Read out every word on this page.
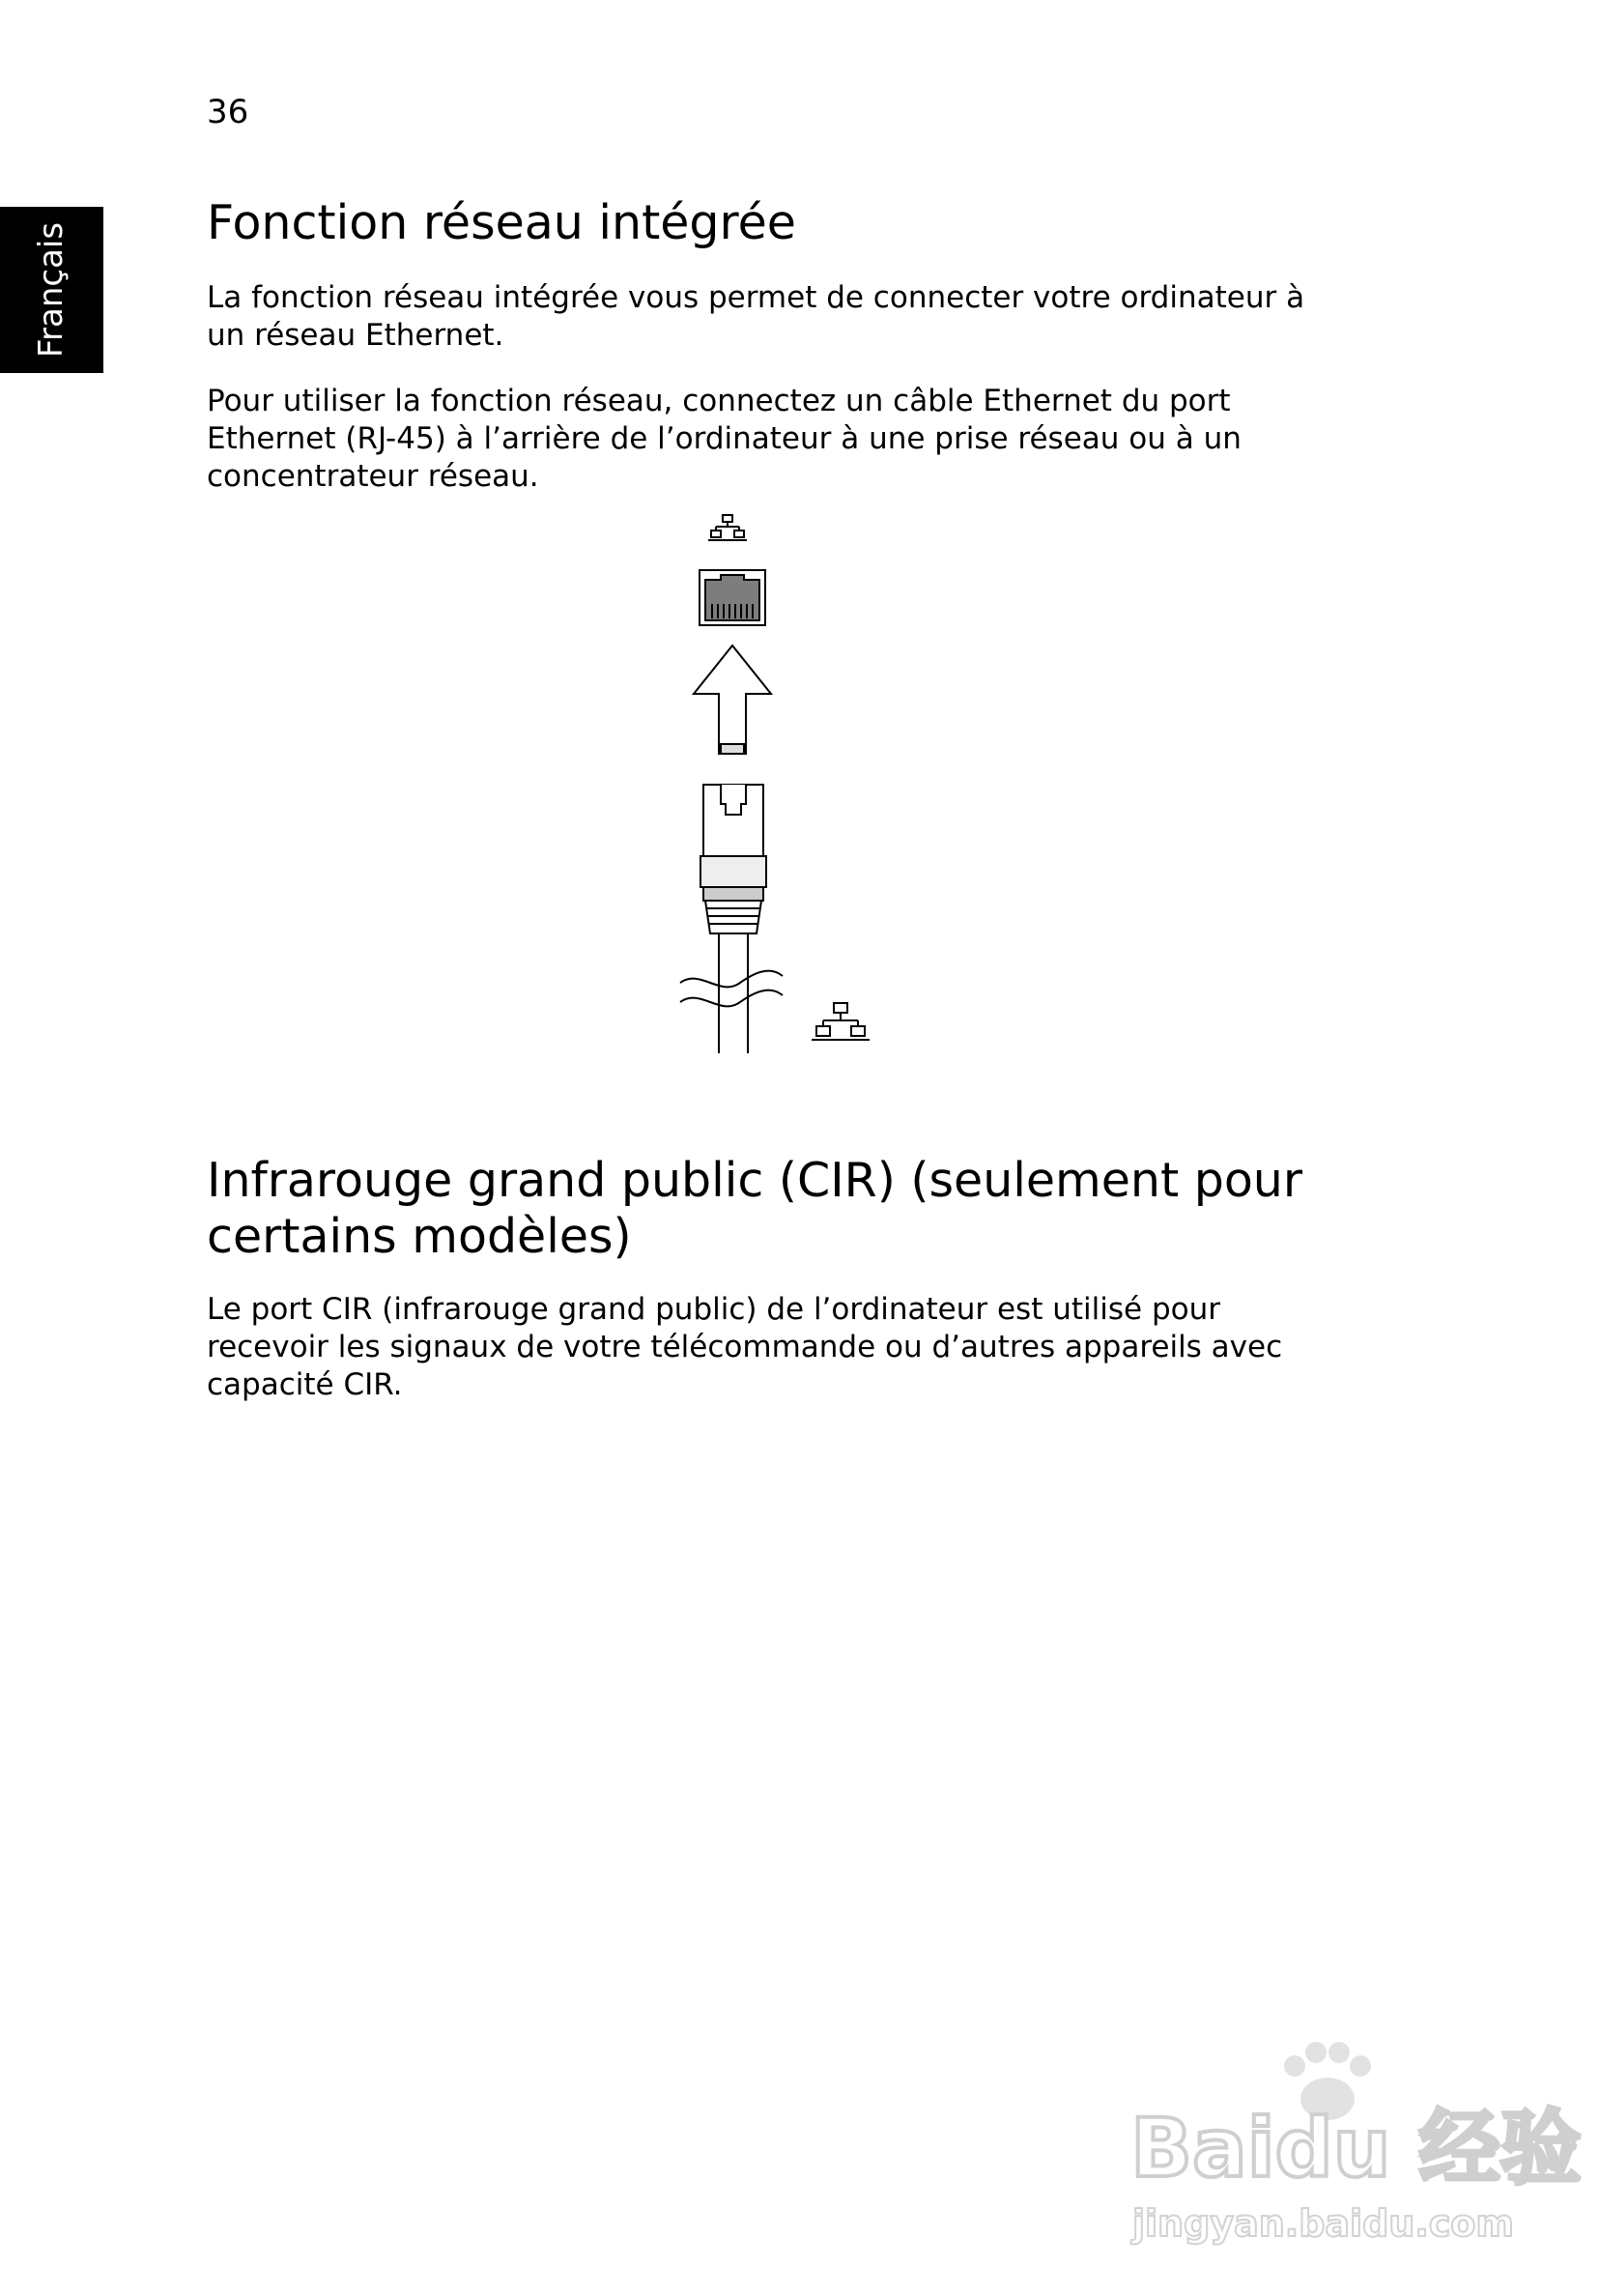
36
Français	Fonction réseau intégrée

La fonction réseau intégrée vous permet de connecter votre ordinateur à un réseau Ethernet.

Pour utiliser la fonction réseau, connectez un câble Ethernet du port Ethernet (RJ-45) à l’arrière de l’ordinateur à une prise réseau ou à un concentrateur réseau.

Infrarouge grand public (CIR) (seulement pour certains modèles)

Le port CIR (infrarouge grand public) de l’ordinateur est utilisé pour recevoir les signaux de votre télécommande ou d’autres appareils avec capacité CIR.

Baidu 经验
jingyan.baidu.com
